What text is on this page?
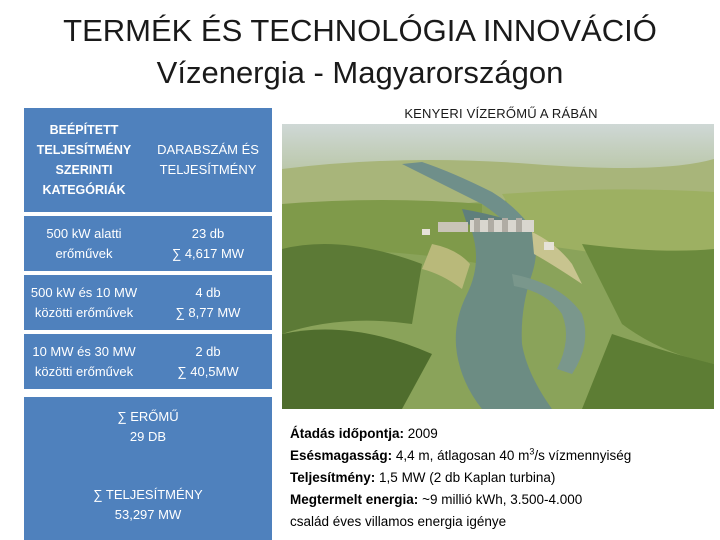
TERMÉK ÉS TECHNOLÓGIA INNOVÁCIÓ
Vízenergia - Magyarországon
BEÉPÍTETT
TELJESÍTMÉNY
SZERINTI
KATEGÓRIÁK
DARABSZÁM ÉS
TELJESÍTMÉNY
500 kW alatti
erőművek
23 db
∑ 4,617 MW
500 kW és 10 MW
közötti erőművek
4 db
∑ 8,77 MW
10 MW és 30 MW
közötti erőművek
2 db
∑ 40,5MW
∑ ERŐMŰ
29 DB
∑ TELJESÍTMÉNY
53,297 MW
KENYERI VÍZERŐMŰ A RÁBÁN
Átadás időpontja: 2009
Esésmagasság: 4,4 m, átlagosan 40 $m^3/s$ vízmennyiség
Teljesítmény: 1,5 MW (2 db Kaplan turbina)
Megtermelt energia: ~9 millió kWh, 3.500-4.000
család éves villamos energia igénye
